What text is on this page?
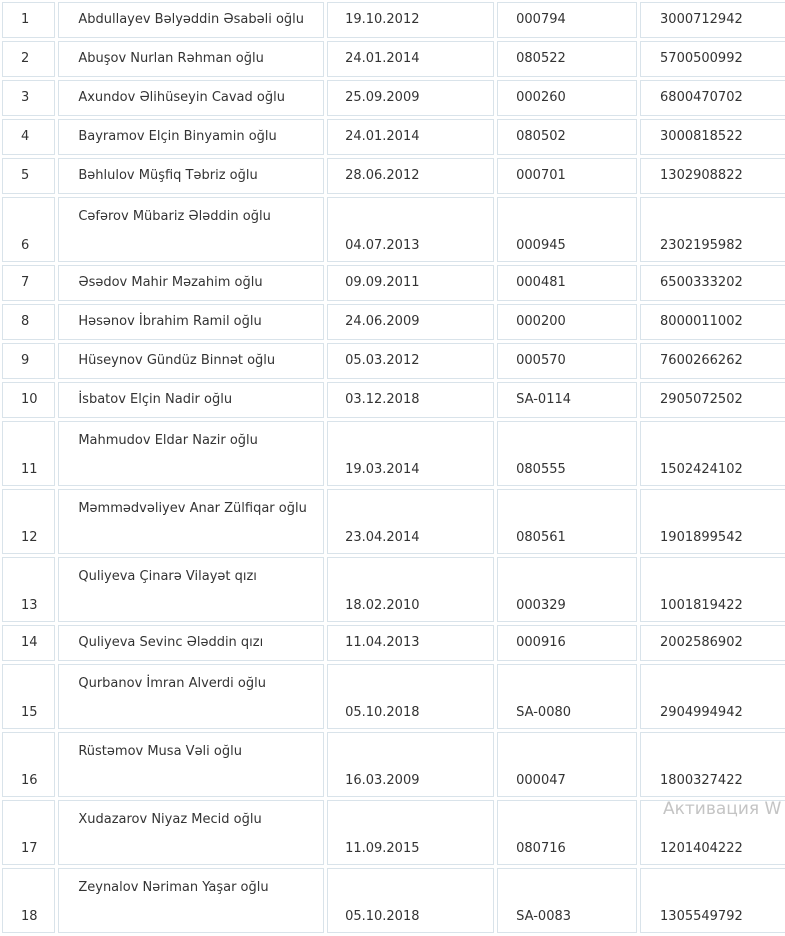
1	Abdullayev Bəlyəddin Əsabəli oğlu	19.10.2012	000794	3000712942
2	Abuşov Nurlan Rəhman oğlu	24.01.2014	080522	5700500992
3	Axundov Əlihüseyin Cavad oğlu	25.09.2009	000260	6800470702
4	Bayramov Elçin Binyamin oğlu	24.01.2014	080502	3000818522
5	Bəhlulov Müşfiq Təbriz oğlu	28.06.2012	000701	1302908822
6	Cəfərov Mübariz Ələddin oğlu	04.07.2013	000945	2302195982
7	Əsədov Mahir Məzahim oğlu	09.09.2011	000481	6500333202
8	Həsənov İbrahim Ramil oğlu	24.06.2009	000200	8000011002
9	Hüseynov Gündüz Binnət oğlu	05.03.2012	000570	7600266262
10	İsbatov Elçin Nadir oğlu	03.12.2018	SA-0114	2905072502
11	Mahmudov Eldar Nazir oğlu	19.03.2014	080555	1502424102
12	Məmmədvəliyev Anar Zülfiqar oğlu	23.04.2014	080561	1901899542
13	Quliyeva Çinarə Vilayət qızı	18.02.2010	000329	1001819422
14	Quliyeva Sevinc Ələddin qızı	11.04.2013	000916	2002586902
15	Qurbanov İmran Alverdi oğlu	05.10.2018	SA-0080	2904994942
16	Rüstəmov Musa Vəli oğlu	16.03.2009	000047	1800327422
17	Xudazarov Niyaz Mecid oğlu	11.09.2015	080716	1201404222
18	Zeynalov Nəriman Yaşar oğlu	05.10.2018	SA-0083	1305549792
Активация W
